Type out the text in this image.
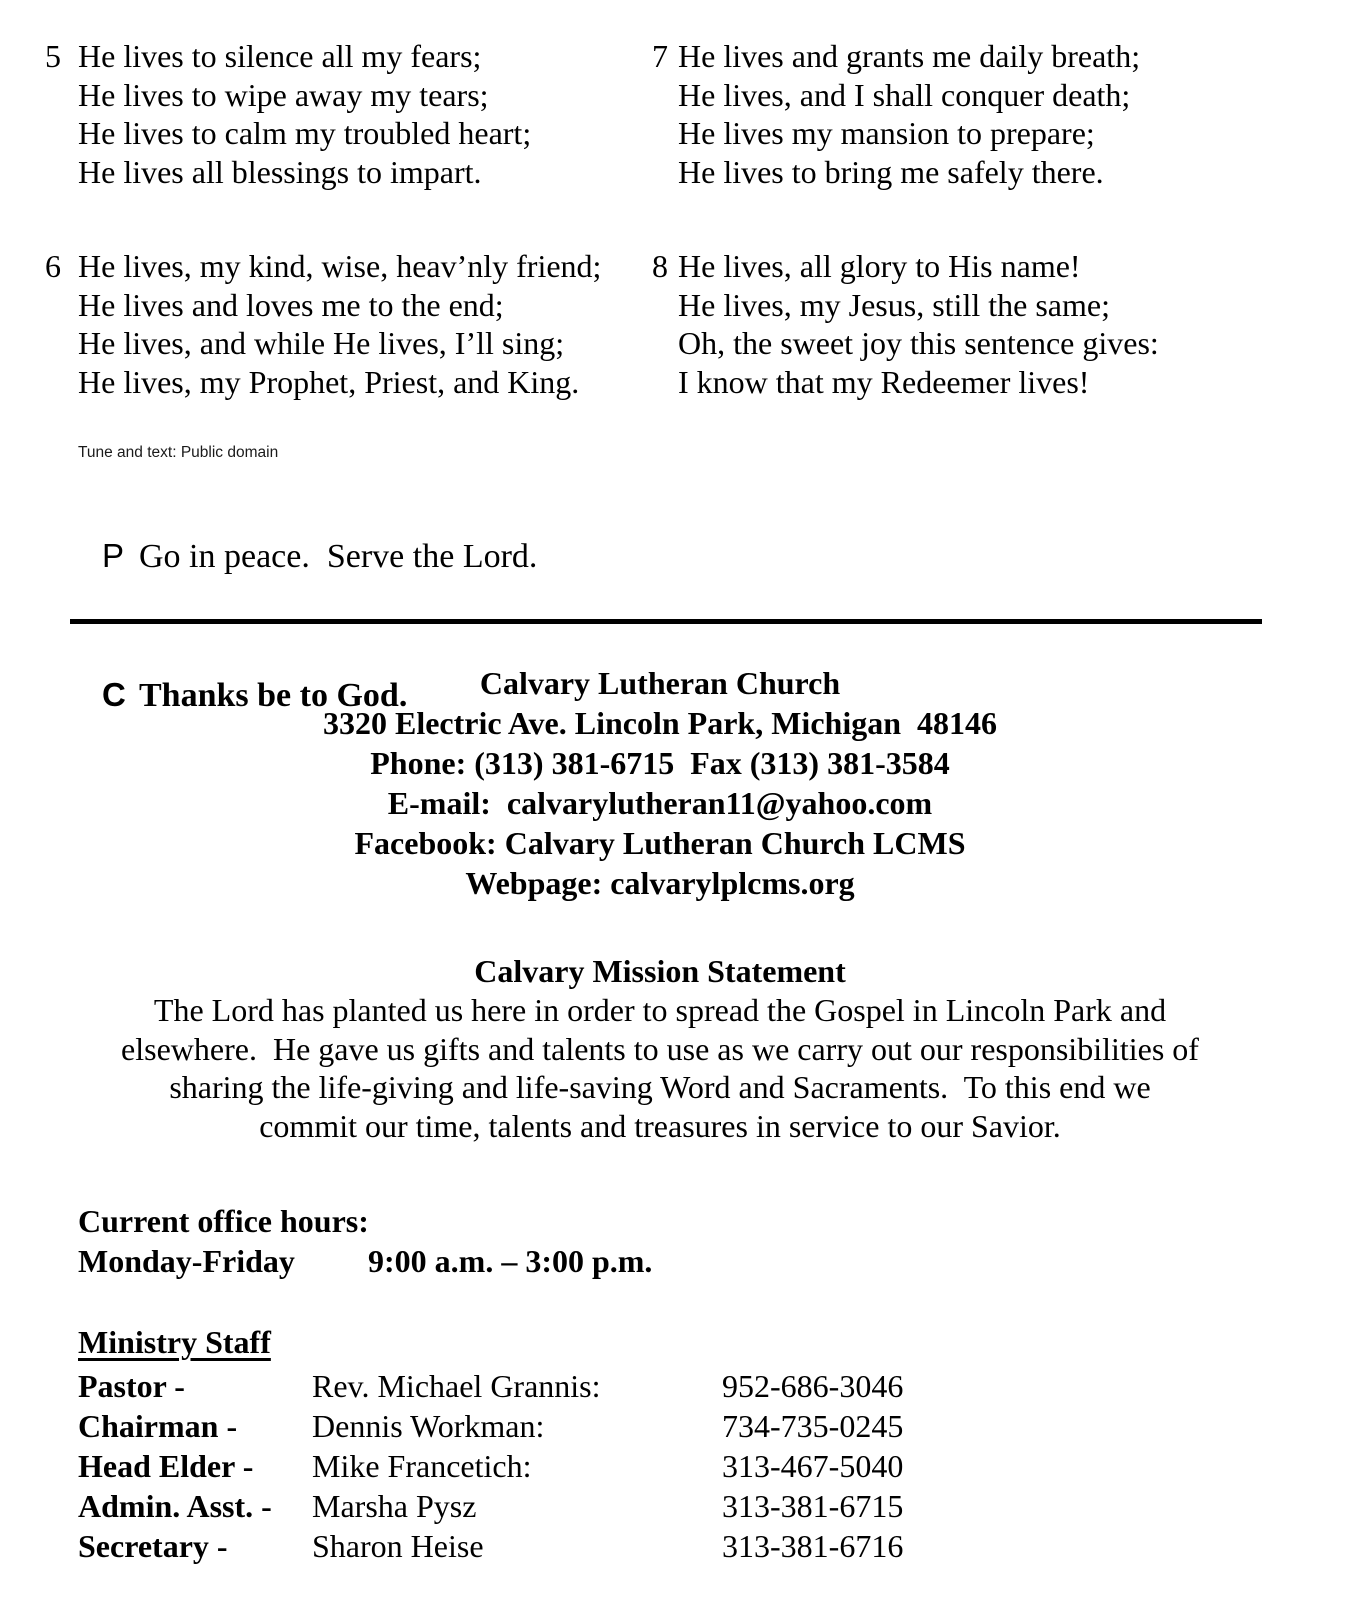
5 He lives to silence all my fears;
He lives to wipe away my tears;
He lives to calm my troubled heart;
He lives all blessings to impart.
6 He lives, my kind, wise, heav’nly friend;
He lives and loves me to the end;
He lives, and while He lives, I’ll sing;
He lives, my Prophet, Priest, and King.
7 He lives and grants me daily breath;
He lives, and I shall conquer death;
He lives my mansion to prepare;
He lives to bring me safely there.
8 He lives, all glory to His name!
He lives, my Jesus, still the same;
Oh, the sweet joy this sentence gives:
I know that my Redeemer lives!
Tune and text: Public domain

P Go in peace.  Serve the Lord.

C Thanks be to God.
	Calvary Lutheran Church
3320 Electric Ave. Lincoln Park, Michigan  48146
Phone: (313) 381-6715  Fax (313) 381-3584
E-mail:  calvarylutheran11@yahoo.com
Facebook: Calvary Lutheran Church LCMS
Webpage: calvarylplcms.org
Calvary Mission Statement
The Lord has planted us here in order to spread the Gospel in Lincoln Park and
elsewhere.  He gave us gifts and talents to use as we carry out our responsibilities of
sharing the life-giving and life-saving Word and Sacraments.  To this end we
commit our time, talents and treasures in service to our Savior.
Current office hours:
Monday-Friday	9:00 a.m. – 3:00 p.m.
Ministry Staff
Pastor -	Rev. Michael Grannis:	952-686-3046
Chairman -	Dennis Workman:	734-735-0245
Head Elder -	Mike Francetich:	313-467-5040
Admin. Asst. -	Marsha Pysz	313-381-6715
Secretary -	Sharon Heise	313-381-6716
